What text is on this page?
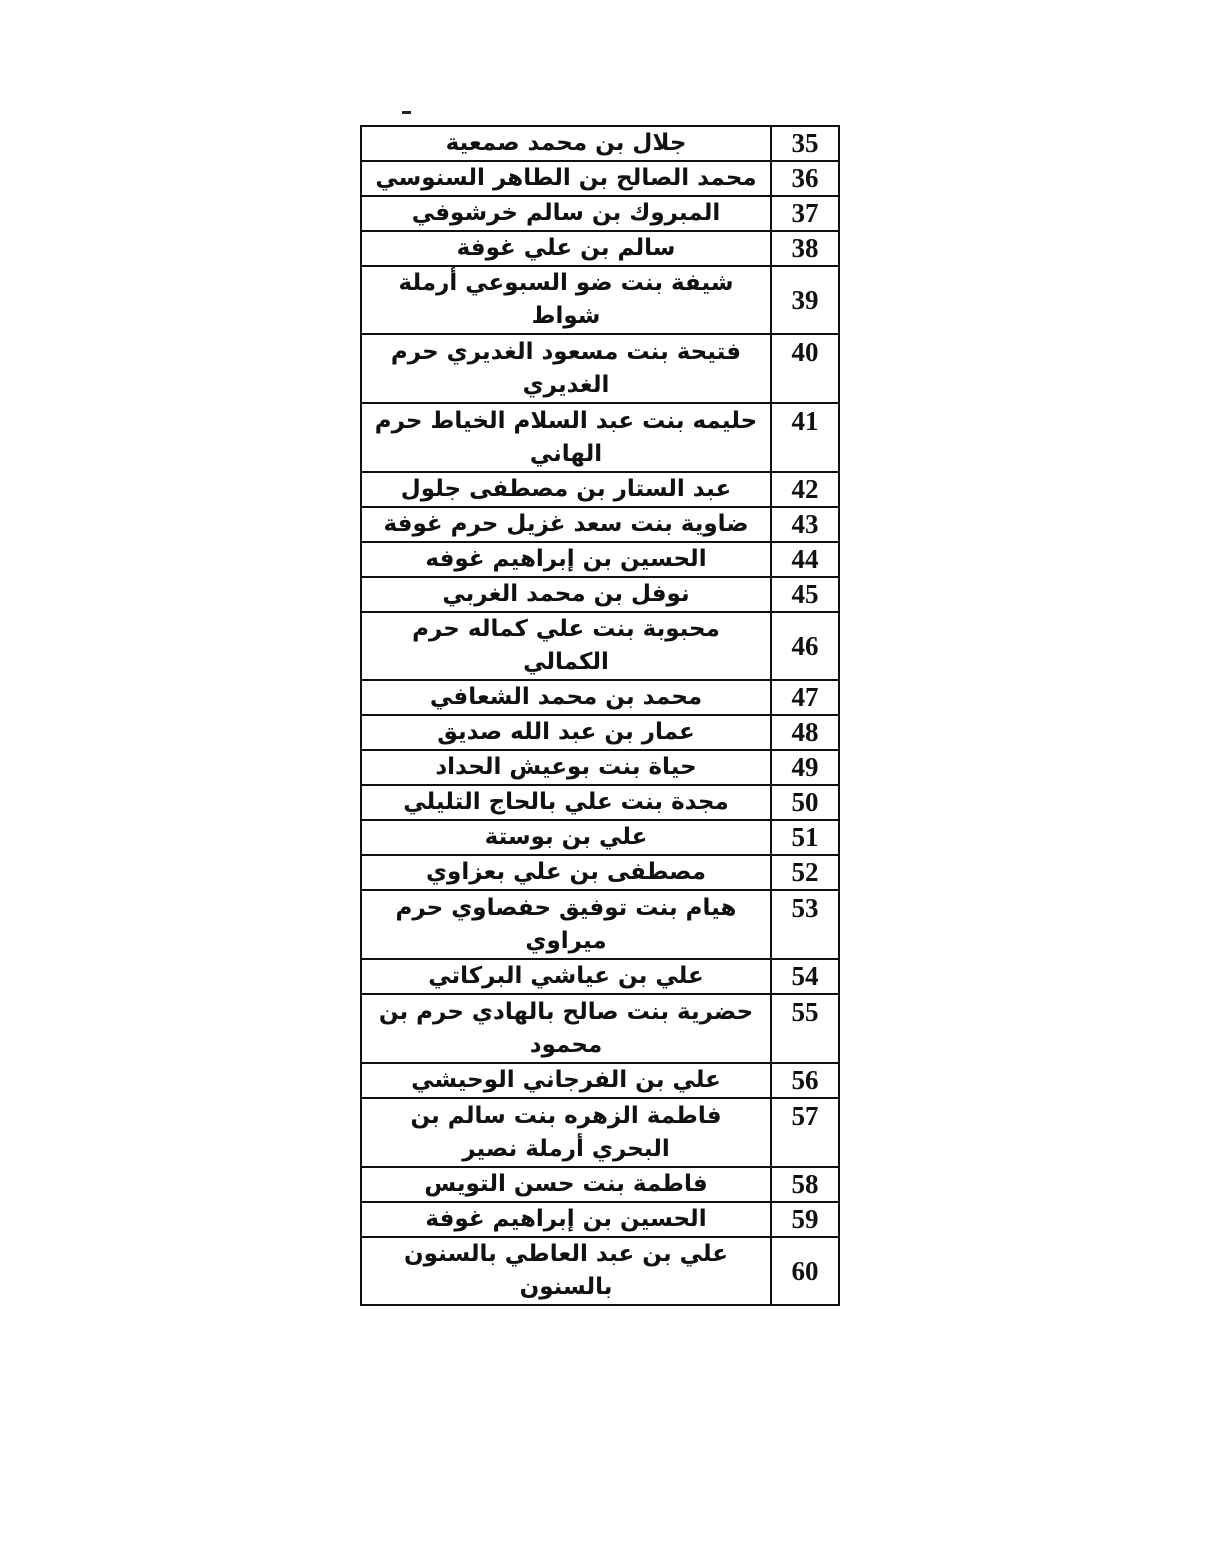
جلال بن محمد صمعية	35
محمد الصالح بن الطاهر السنوسي	36
المبروك بن سالم خرشوفي	37
سالم بن علي غوفة	38
شيفة بنت ضو السبوعي أرملة شواط	39
فتيحة بنت مسعود الغديري حرم الغديري	40
حليمه بنت عبد السلام الخياط حرم الهاني	41
عبد الستار بن مصطفى جلول	42
ضاوية بنت سعد غزيل حرم غوفة	43
الحسين بن إبراهيم غوفه	44
نوفل بن محمد الغربي	45
محبوبة بنت علي كماله حرم الكمالي	46
محمد بن محمد الشعافي	47
عمار بن عبد الله صديق	48
حياة بنت بوعيش الحداد	49
مجدة بنت علي بالحاج التليلي	50
علي بن بوستة	51
مصطفى بن علي بعزاوي	52
هيام بنت توفيق حفصاوي حرم ميراوي	53
علي بن عياشي البركاتي	54
حضرية بنت صالح بالهادي حرم بن محمود	55
علي بن الفرجاني الوحيشي	56
فاطمة الزهره بنت سالم بن البحري أرملة نصير	57
فاطمة بنت حسن التويس	58
الحسين بن إبراهيم غوفة	59
علي بن عبد العاطي بالسنون بالسنون	60
